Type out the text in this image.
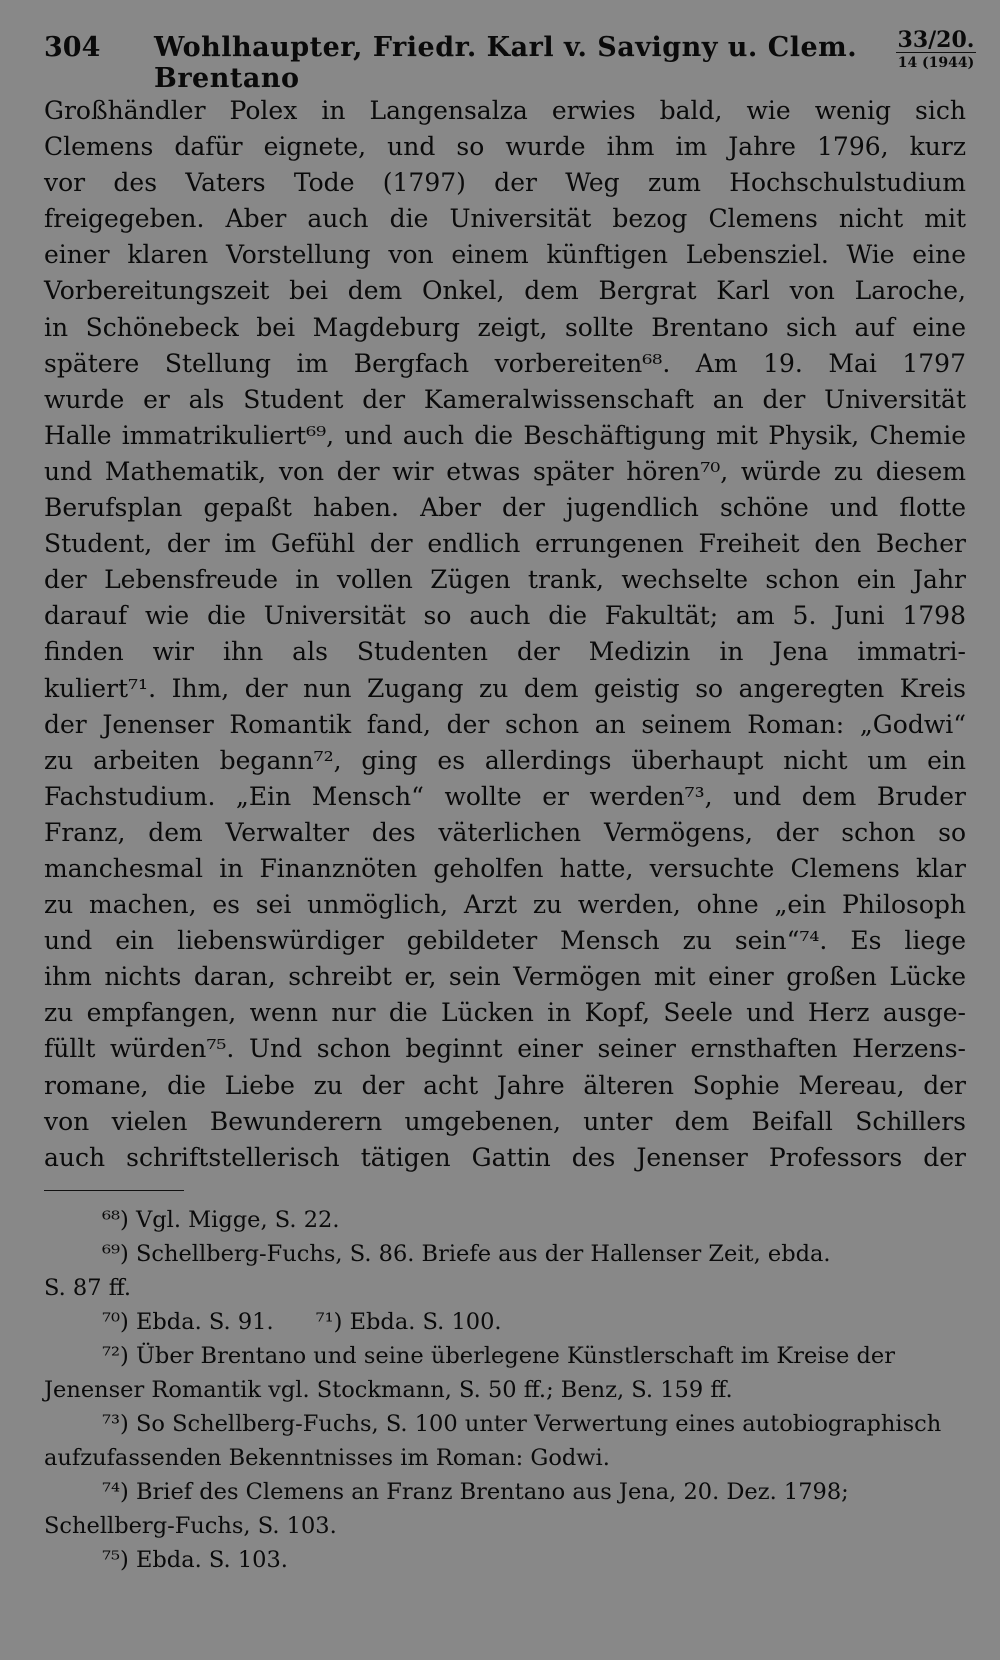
304 Wohlhaupter, Friedr. Karl v. Savigny u. Clem. Brentano
33/20.
14 (1944)
Großhändler Polex in Langensalza erwies bald, wie wenig sich
Clemens dafür eignete, und so wurde ihm im Jahre 1796, kurz
vor des Vaters Tode (1797) der Weg zum Hochschulstudium
freigegeben. Aber auch die Universität bezog Clemens nicht mit
einer klaren Vorstellung von einem künftigen Lebensziel. Wie eine
Vorbereitungszeit bei dem Onkel, dem Bergrat Karl von Laroche,
in Schönebeck bei Magdeburg zeigt, sollte Brentano sich auf eine
spätere Stellung im Bergfach vorbereiten⁶⁸. Am 19. Mai 1797
wurde er als Student der Kameralwissenschaft an der Universität
Halle immatrikuliert⁶⁹, und auch die Beschäftigung mit Physik, Chemie
und Mathematik, von der wir etwas später hören⁷⁰, würde zu diesem
Berufsplan gepaßt haben. Aber der jugendlich schöne und flotte
Student, der im Gefühl der endlich errungenen Freiheit den Becher
der Lebensfreude in vollen Zügen trank, wechselte schon ein Jahr
darauf wie die Universität so auch die Fakultät; am 5. Juni 1798
finden wir ihn als Studenten der Medizin in Jena immatri-
kuliert⁷¹. Ihm, der nun Zugang zu dem geistig so angeregten Kreis
der Jenenser Romantik fand, der schon an seinem Roman: „Godwi“
zu arbeiten begann⁷², ging es allerdings überhaupt nicht um ein
Fachstudium. „Ein Mensch“ wollte er werden⁷³, und dem Bruder
Franz, dem Verwalter des väterlichen Vermögens, der schon so
manchesmal in Finanznöten geholfen hatte, versuchte Clemens klar
zu machen, es sei unmöglich, Arzt zu werden, ohne „ein Philosoph
und ein liebenswürdiger gebildeter Mensch zu sein“⁷⁴. Es liege
ihm nichts daran, schreibt er, sein Vermögen mit einer großen Lücke
zu empfangen, wenn nur die Lücken in Kopf, Seele und Herz ausge-
füllt würden⁷⁵. Und schon beginnt einer seiner ernsthaften Herzens-
romane, die Liebe zu der acht Jahre älteren Sophie Mereau, der
von vielen Bewunderern umgebenen, unter dem Beifall Schillers
auch schriftstellerisch tätigen Gattin des Jenenser Professors der
⁶⁸) Vgl. Migge, S. 22.
⁶⁹) Schellberg-Fuchs, S. 86. Briefe aus der Hallenser Zeit, ebda.
S. 87 ff.
⁷⁰) Ebda. S. 91. ⁷¹) Ebda. S. 100.
⁷²) Über Brentano und seine überlegene Künstlerschaft im Kreise der
Jenenser Romantik vgl. Stockmann, S. 50 ff.; Benz, S. 159 ff.
⁷³) So Schellberg-Fuchs, S. 100 unter Verwertung eines autobiographisch
aufzufassenden Bekenntnisses im Roman: Godwi.
⁷⁴) Brief des Clemens an Franz Brentano aus Jena, 20. Dez. 1798;
Schellberg-Fuchs, S. 103.
⁷⁵) Ebda. S. 103.
